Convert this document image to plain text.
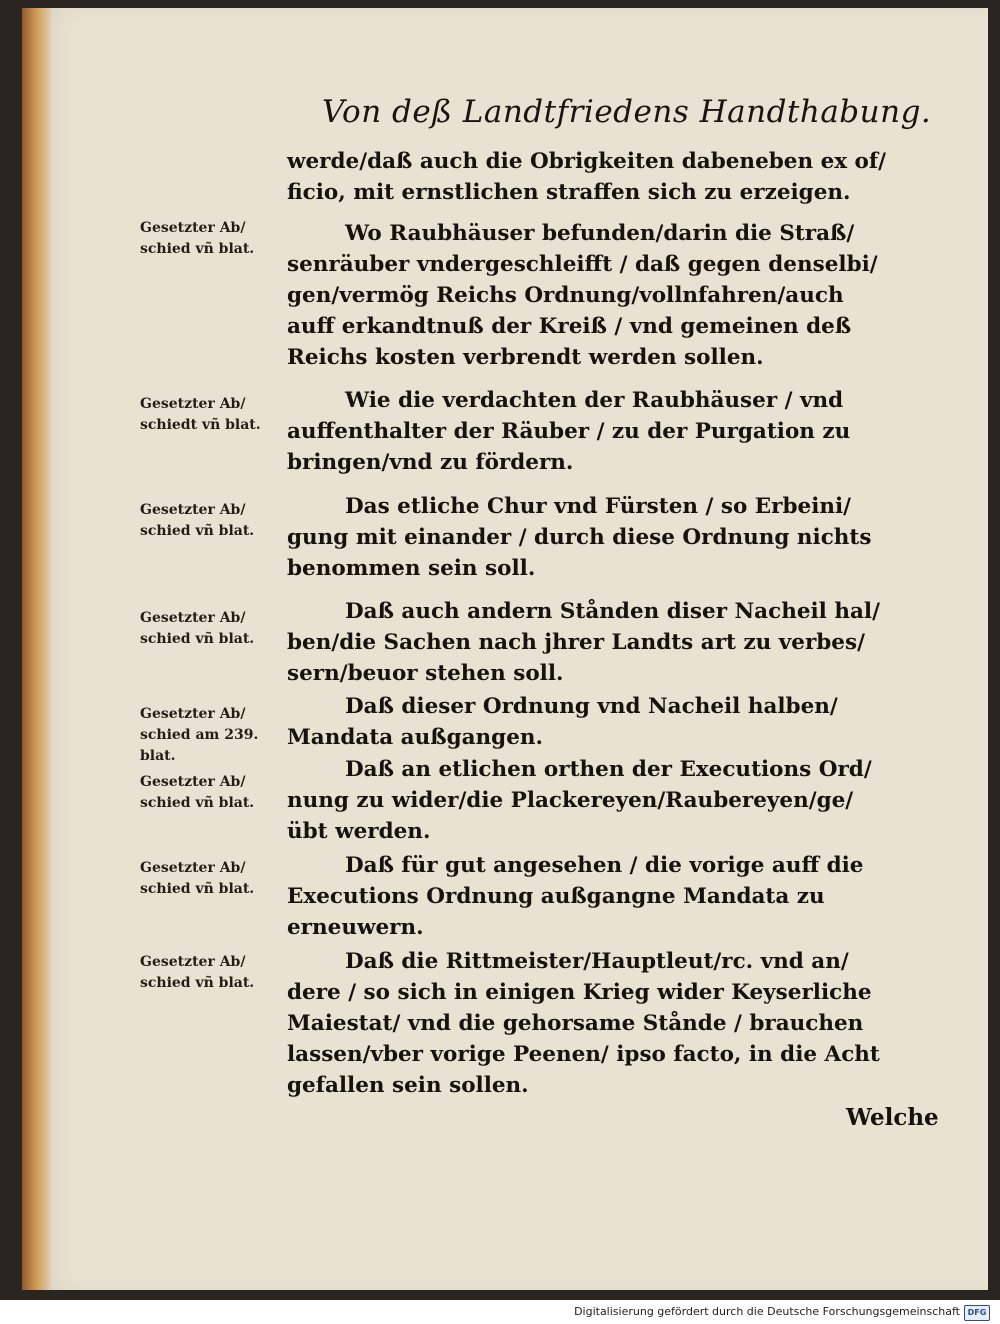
Von deß Landtfriedens Handthabung.
werde/daß auch die Obrigkeiten dabeneben ex of/
ficio, mit ernstlichen straffen sich zu erzeigen.
Gesetzter Ab/
schied vñ blat.
Wo Raubhäuser befunden/darin die Straß/
senräuber vndergeschleifft / daß gegen denselbi/
gen/vermög Reichs Ordnung/vollnfahren/auch
auff erkandtnuß der Kreiß / vnd gemeinen deß
Reichs kosten verbrendt werden sollen.
Gesetzter Ab/
schiedt vñ blat.
Wie die verdachten der Raubhäuser / vnd
auffenthalter der Räuber / zu der Purgation zu
bringen/vnd zu fördern.
Gesetzter Ab/
schied vñ blat.
Das etliche Chur vnd Fürsten / so Erbeini/
gung mit einander / durch diese Ordnung nichts
benommen sein soll.
Gesetzter Ab/
schied vñ blat.
Daß auch andern Stånden diser Nacheil hal/
ben/die Sachen nach jhrer Landts art zu verbes/
sern/beuor stehen soll.
Gesetzter Ab/
schied am 239.
blat.
Daß dieser Ordnung vnd Nacheil halben/
Mandata außgangen.
Gesetzter Ab/
schied vñ blat.
Daß an etlichen orthen der Executions Ord/
nung zu wider/die Plackereyen/Raubereyen/ge/
übt werden.
Gesetzter Ab/
schied vñ blat.
Daß für gut angesehen / die vorige auff die
Executions Ordnung außgangne Mandata zu
erneuwern.
Gesetzter Ab/
schied vñ blat.
Daß die Rittmeister/Hauptleut/rc. vnd an/
dere / so sich in einigen Krieg wider Keyserliche
Maiestat/ vnd die gehorsame Stånde / brauchen
lassen/vber vorige Peenen/ ipso facto, in die Acht
gefallen sein sollen.
Welche
Digitalisierung gefördert durch die Deutsche Forschungsgemeinschaft DFG
